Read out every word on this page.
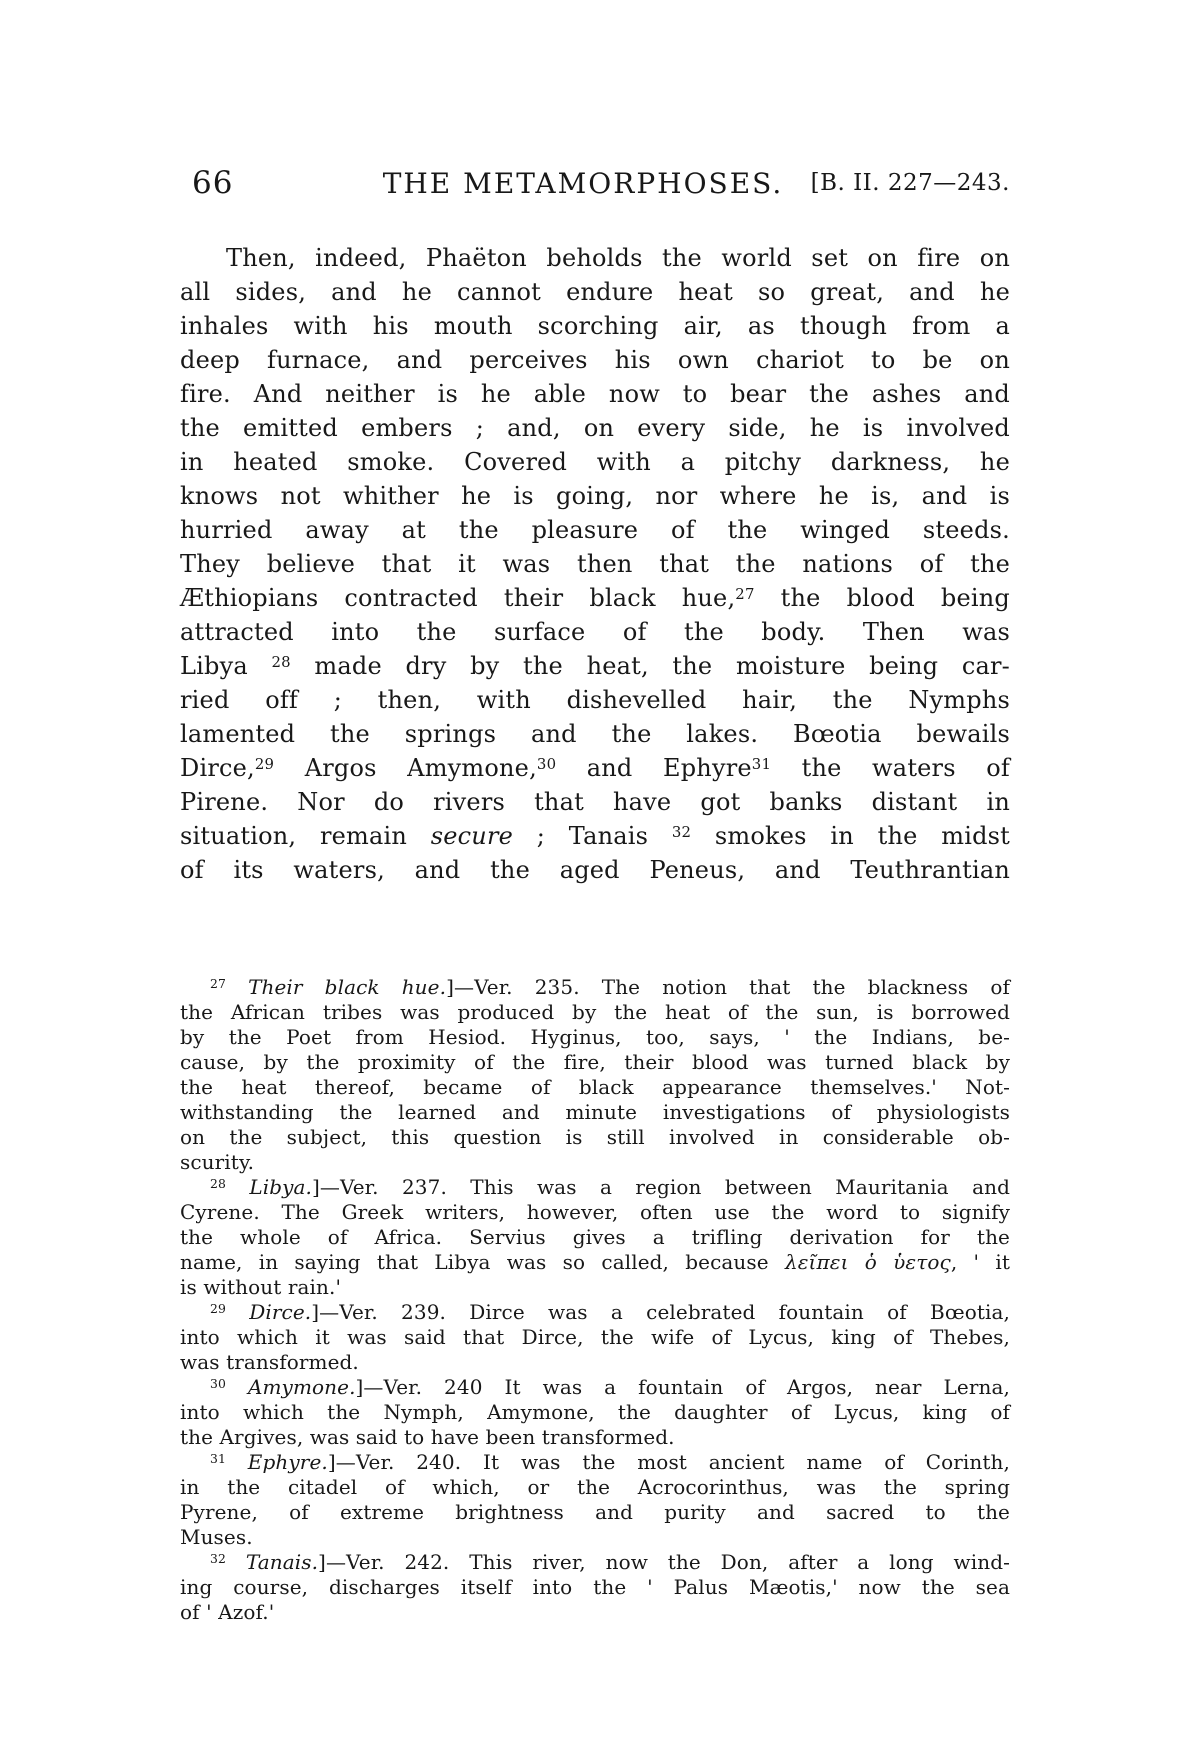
66	THE METAMORPHOSES. [B. II. 227—243.
Then, indeed, Phaëton beholds the world set on fire on
all sides, and he cannot endure heat so great, and he
inhales with his mouth scorching air, as though from a
deep furnace, and perceives his own chariot to be on
fire. And neither is he able now to bear the ashes and
the emitted embers ; and, on every side, he is involved
in heated smoke. Covered with a pitchy darkness, he
knows not whither he is going, nor where he is, and is
hurried away at the pleasure of the winged steeds.
They believe that it was then that the nations of the
Æthiopians contracted their black hue,$^{27}$ the blood being
attracted into the surface of the body. Then was
Libya $^{28}$ made dry by the heat, the moisture being car-
ried off ; then, with dishevelled hair, the Nymphs
lamented the springs and the lakes. Bœotia bewails
Dirce,$^{29}$ Argos Amymone,$^{30}$ and Ephyre$^{31}$ the waters of
Pirene. Nor do rivers that have got banks distant in
situation, remain secure ; Tanais $^{32}$ smokes in the midst
of its waters, and the aged Peneus, and Teuthrantian
$^{27}$ Their black hue.]—Ver. 235. The notion that the blackness of
the African tribes was produced by the heat of the sun, is borrowed
by the Poet from Hesiod. Hyginus, too, says, ' the Indians, be-
cause, by the proximity of the fire, their blood was turned black by
the heat thereof, became of black appearance themselves.' Not-
withstanding the learned and minute investigations of physiologists
on the subject, this question is still involved in considerable ob-
scurity.
$^{28}$ Libya.]—Ver. 237. This was a region between Mauritania and
Cyrene. The Greek writers, however, often use the word to signify
the whole of Africa. Servius gives a trifling derivation for the
name, in saying that Libya was so called, because λεῖπει ὁ ὑετος, ' it
is without rain.'
$^{29}$ Dirce.]—Ver. 239. Dirce was a celebrated fountain of Bœotia,
into which it was said that Dirce, the wife of Lycus, king of Thebes,
was transformed.
$^{30}$ Amymone.]—Ver. 240 It was a fountain of Argos, near Lerna,
into which the Nymph, Amymone, the daughter of Lycus, king of
the Argives, was said to have been transformed.
$^{31}$ Ephyre.]—Ver. 240. It was the most ancient name of Corinth,
in the citadel of which, or the Acrocorinthus, was the spring
Pyrene, of extreme brightness and purity and sacred to the
Muses.
$^{32}$ Tanais.]—Ver. 242. This river, now the Don, after a long wind-
ing course, discharges itself into the ' Palus Mæotis,' now the sea
of ' Azof.'
